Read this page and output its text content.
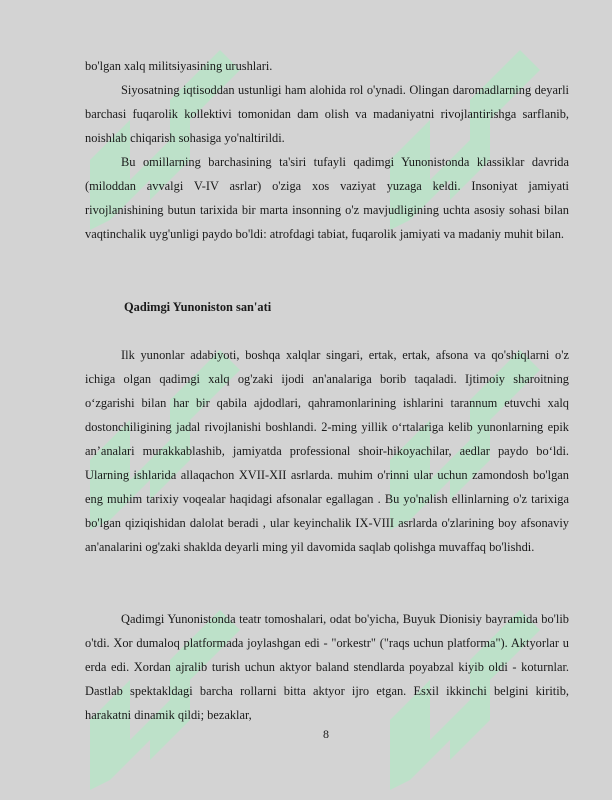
bo'lgan xalq militsiyasining urushlari.

Siyosatning iqtisoddan ustunligi ham alohida rol o'ynadi. Olingan daromadlarning deyarli barchasi fuqarolik kollektivi tomonidan dam olish va madaniyatni rivojlantirishga sarflanib, noishlab chiqarish sohasiga yo'naltirildi.

Bu omillarning barchasining ta'siri tufayli qadimgi Yunonistonda klassiklar davrida (miloddan avvalgi V-IV asrlar) o'ziga xos vaziyat yuzaga keldi. Insoniyat jamiyati rivojlanishining butun tarixida bir marta insonning o'z mavjudligining uchta asosiy sohasi bilan vaqtinchalik uyg'unligi paydo bo'ldi: atrofdagi tabiat, fuqarolik jamiyati va madaniy muhit bilan.

Qadimgi Yunoniston san'ati

Ilk yunonlar adabiyoti, boshqa xalqlar singari, ertak, ertak, afsona va qo'shiqlarni o'z ichiga olgan qadimgi xalq og'zaki ijodi an'analariga borib taqaladi. Ijtimoiy sharoitning o‘zgarishi bilan har bir qabila ajdodlari, qahramonlarining ishlarini tarannum etuvchi xalq dostonchiligining jadal rivojlanishi boshlandi. 2-ming yillik o‘rtalariga kelib yunonlarning epik an’analari murakkablashib, jamiyatda professional shoir-hikoyachilar, aedlar paydo bo‘ldi. Ularning ishlarida allaqachon XVII-XII asrlarda. muhim o'rinni ular uchun zamondosh bo'lgan eng muhim tarixiy voqealar haqidagi afsonalar egallagan . Bu yo'nalish ellinlarning o'z tarixiga bo'lgan qiziqishidan dalolat beradi , ular keyinchalik IX-VIII asrlarda o'zlarining boy afsonaviy an'analarini og'zaki shaklda deyarli ming yil davomida saqlab qolishga muvaffaq bo'lishdi.

Qadimgi Yunonistonda teatr tomoshalari, odat bo'yicha, Buyuk Dionisiy bayramida bo'lib o'tdi. Xor dumaloq platformada joylashgan edi - "orkestr" ("raqs uchun platforma"). Aktyorlar u erda edi. Xordan ajralib turish uchun aktyor baland stendlarda poyabzal kiyib oldi - koturnlar. Dastlab spektakldagi barcha rollarni bitta aktyor ijro etgan. Esxil ikkinchi belgini kiritib, harakatni dinamik qildi; bezaklar,

8
